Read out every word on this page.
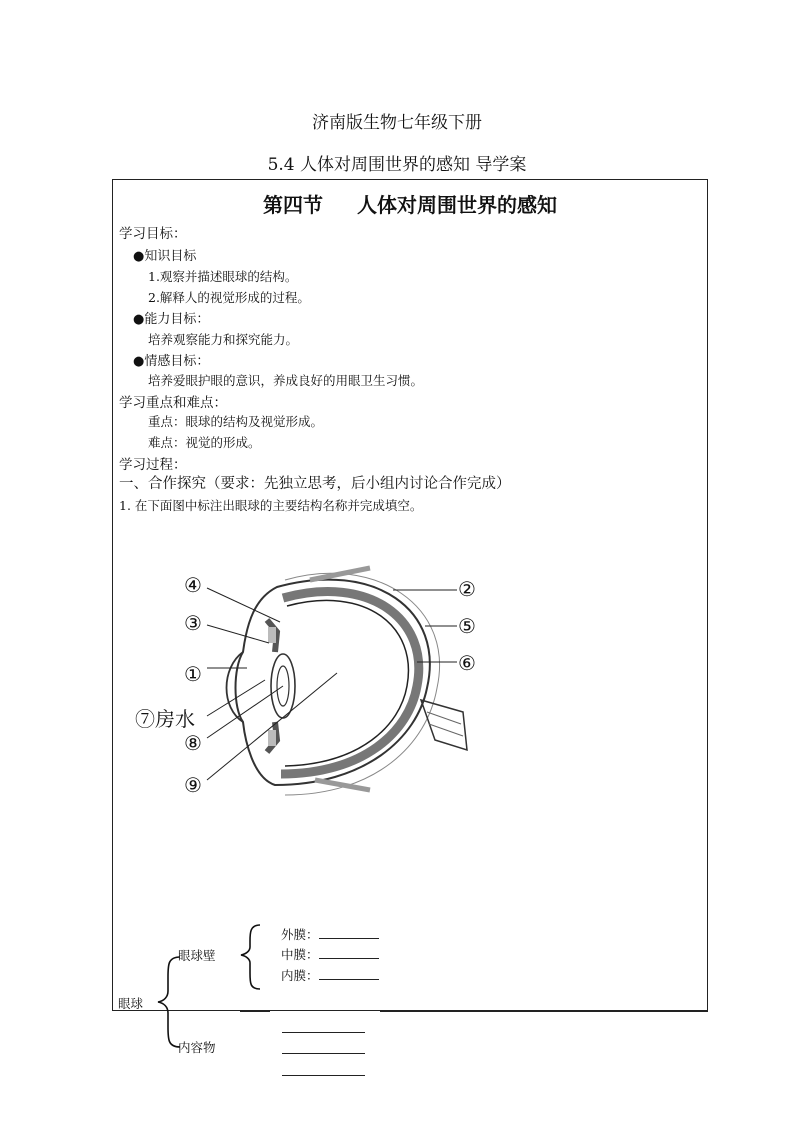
济南版生物七年级下册
5.4 人体对周围世界的感知 导学案
第四节 人体对周围世界的感知
学习目标：
●知识目标
1.观察并描述眼球的结构。
2.解释人的视觉形成的过程。
●能力目标：
培养观察能力和探究能力。
●情感目标：
培养爱眼护眼的意识，养成良好的用眼卫生习惯。
学习重点和难点：
重点：眼球的结构及视觉形成。
难点：视觉的形成。
学习过程：
一、合作探究（要求：先独立思考，后小组内讨论合作完成）
1. 在下面图中标注出眼球的主要结构名称并完成填空。
④
③
①
⑦房水
⑧
⑨
②
⑤
⑥
眼球壁
外膜：
中膜：
内膜：
眼球
内容物
